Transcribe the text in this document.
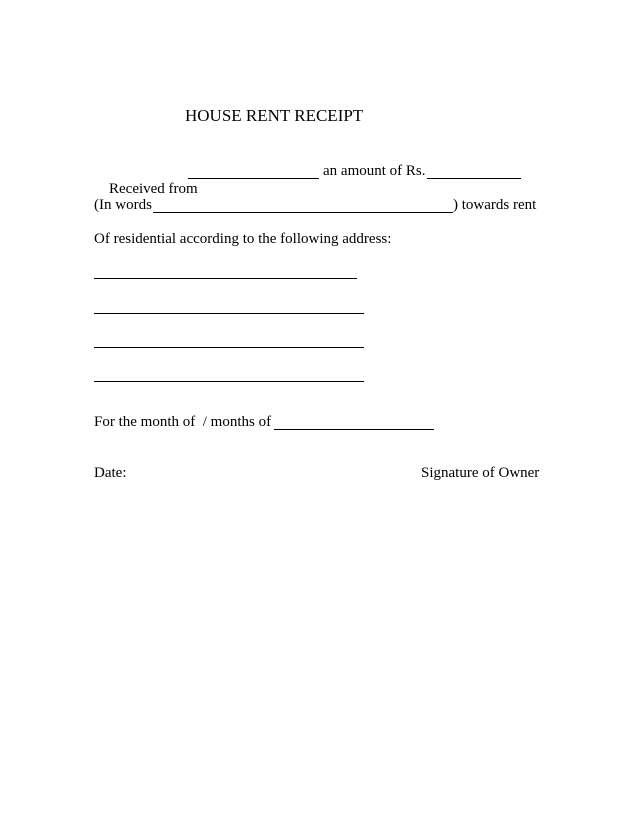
HOUSE RENT RECEIPT

Received from

an amount of Rs.
(In words	) towards rent
Of residential according to the following address:
For the month of  / months of
Date:	Signature of Owner
